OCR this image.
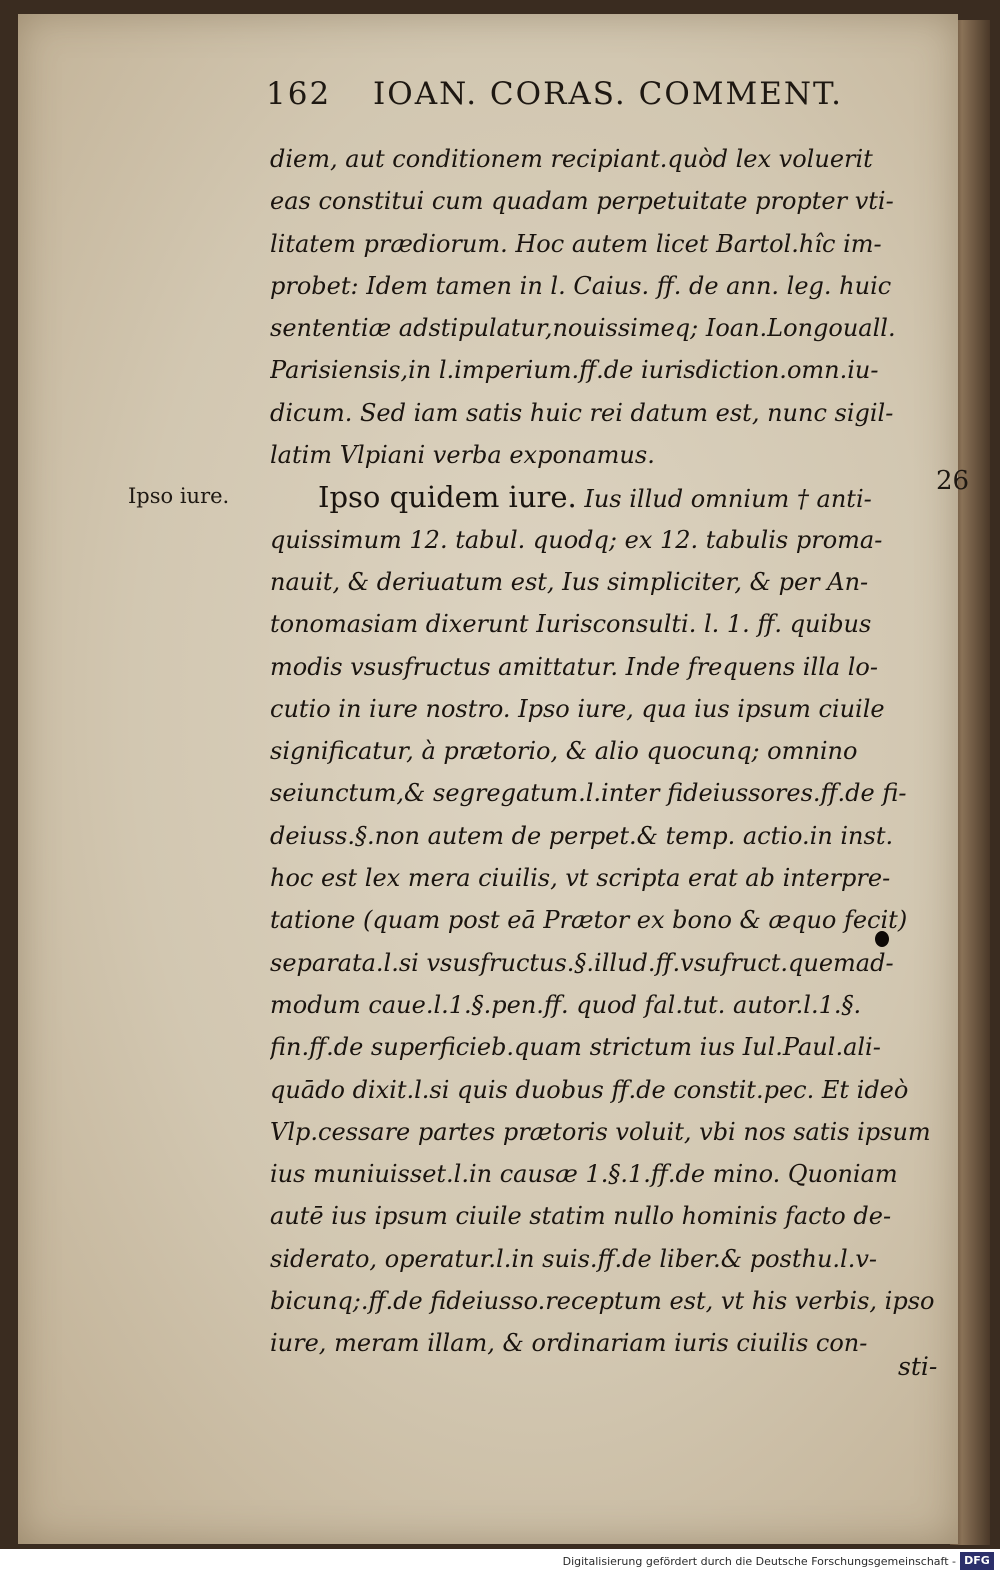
162 IOAN. CORAS. COMMENT.
Ipso iure.	26
diem, aut conditionem recipiant.quòd lex voluerit
eas constitui cum quadam perpetuitate propter vti-
litatem prædiorum. Hoc autem licet Bartol.hîc im-
probet: Idem tamen in l. Caius. ff. de ann. leg. huic
sententiæ adstipulatur,nouissimeq; Ioan.Longouall.
Parisiensis,in l.imperium.ff.de iurisdiction.omn.iu-
dicum. Sed iam satis huic rei datum est, nunc sigil-
latim Vlpiani verba exponamus.
Ipso quidem iure. Ius illud omnium † anti-
quissimum 12. tabul. quodq; ex 12. tabulis proma-
nauit, & deriuatum est, Ius simpliciter, & per An-
tonomasiam dixerunt Iurisconsulti. l. 1. ff. quibus
modis vsusfructus amittatur. Inde frequens illa lo-
cutio in iure nostro. Ipso iure, qua ius ipsum ciuile
significatur, à prætorio, & alio quocunq; omnino
seiunctum,& segregatum.l.inter fideiussores.ff.de fi-
deiuss.§.non autem de perpet.& temp. actio.in inst.
hoc est lex mera ciuilis, vt scripta erat ab interpre-
tatione (quam post eā Prætor ex bono & æquo fecit)
separata.l.si vsusfructus.§.illud.ff.vsufruct.quemad-
modum caue.l.1.§.pen.ff. quod fal.tut. autor.l.1.§.
fin.ff.de superficieb.quam strictum ius Iul.Paul.ali-
quādo dixit.l.si quis duobus ff.de constit.pec. Et ideò
Vlp.cessare partes prætoris voluit, vbi nos satis ipsum
ius muniuisset.l.in causæ 1.§.1.ff.de mino. Quoniam
autē ius ipsum ciuile statim nullo hominis facto de-
siderato, operatur.l.in suis.ff.de liber.& posthu.l.v-
bicunq;.ff.de fideiusso.receptum est, vt his verbis, ipso
iure, meram illam, & ordinariam iuris ciuilis con-
sti-
Digitalisierung gefördert durch die Deutsche Forschungsgemeinschaft - DFG
